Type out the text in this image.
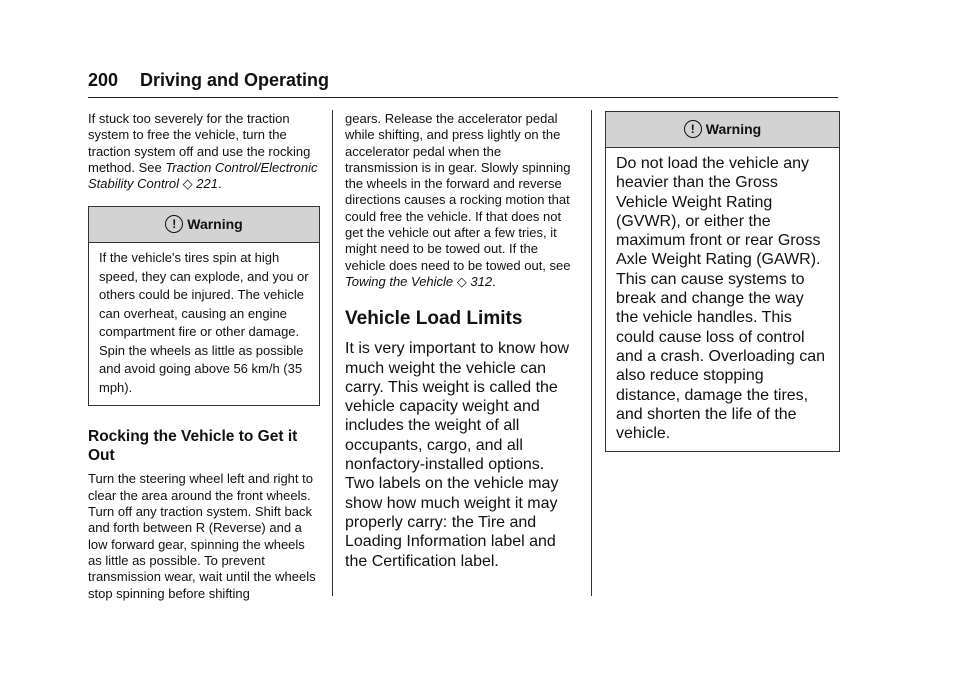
200 Driving and Operating

If stuck too severely for the traction system to free the vehicle, turn the traction system off and use the rocking method. See Traction Control/Electronic Stability Control ◇ 221.

! Warning

If the vehicle's tires spin at high speed, they can explode, and you or others could be injured. The vehicle can overheat, causing an engine compartment fire or other damage. Spin the wheels as little as possible and avoid going above 56 km/h (35 mph).

Rocking the Vehicle to Get it Out

Turn the steering wheel left and right to clear the area around the front wheels. Turn off any traction system. Shift back and forth between R (Reverse) and a low forward gear, spinning the wheels as little as possible. To prevent transmission wear, wait until the wheels stop spinning before shifting

gears. Release the accelerator pedal while shifting, and press lightly on the accelerator pedal when the transmission is in gear. Slowly spinning the wheels in the forward and reverse directions causes a rocking motion that could free the vehicle. If that does not get the vehicle out after a few tries, it might need to be towed out. If the vehicle does need to be towed out, see Towing the Vehicle ◇ 312.

Vehicle Load Limits

It is very important to know how much weight the vehicle can carry. This weight is called the vehicle capacity weight and includes the weight of all occupants, cargo, and all nonfactory-installed options. Two labels on the vehicle may show how much weight it may properly carry: the Tire and Loading Information label and the Certification label.

! Warning

Do not load the vehicle any heavier than the Gross Vehicle Weight Rating (GVWR), or either the maximum front or rear Gross Axle Weight Rating (GAWR). This can cause systems to break and change the way the vehicle handles. This could cause loss of control and a crash. Overloading can also reduce stopping distance, damage the tires, and shorten the life of the vehicle.
